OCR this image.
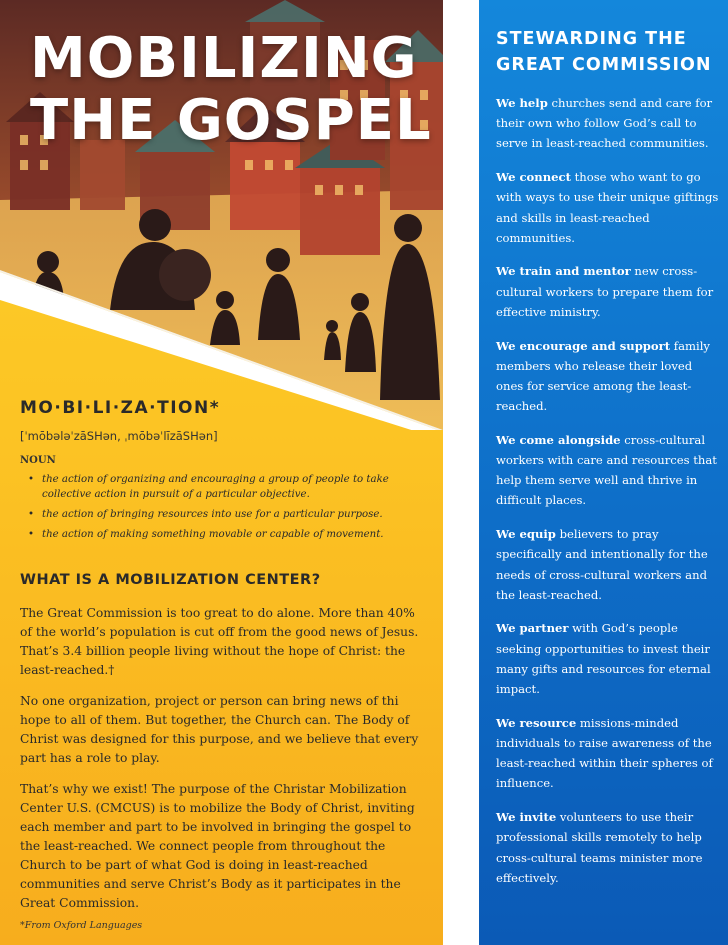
MOBILIZING
THE GOSPEL
MO·BI·LI·ZA·TION*
[ˈmōbələˈzāSHən, ˌmōbəˈlīzāSHən]
NOUN
• the action of organizing and encouraging a group of people to take collective action in pursuit of a particular objective.
• the action of bringing resources into use for a particular purpose.
• the action of making something movable or capable of movement.
WHAT IS A MOBILIZATION CENTER?

The Great Commission is too great to do alone. More than 40% of the world’s population is cut off from the good news of Jesus. That’s 3.4 billion people living without the hope of Christ: the least-reached.†

No one organization, project or person can bring news of thi hope to all of them. But together, the Church can. The Body of Christ was designed for this purpose, and we believe that every part has a role to play.

That’s why we exist! The purpose of the Christar Mobilization Center U.S. (CMCUS) is to mobilize the Body of Christ, inviting each member and part to be involved in bringing the gospel to the least-reached. We connect people from throughout the Church to be part of what God is doing in least-reached communities and serve Christ’s Body as it participates in the Great Commission.

*From Oxford Languages
STEWARDING THE
GREAT COMMISSION
We help churches send and care for their own who follow God’s call to serve in least-reached communities.
We connect those who want to go with ways to use their unique giftings and skills in least-reached communities.
We train and mentor new cross-cultural workers to prepare them for effective ministry.
We encourage and support family members who release their loved ones for service among the least-reached.
We come alongside cross-cultural workers with care and resources that help them serve well and thrive in difficult places.
We equip believers to pray specifically and intentionally for the needs of cross-cultural workers and the least-reached.
We partner with God’s people seeking opportunities to invest their many gifts and resources for eternal impact.
We resource missions-minded individuals to raise awareness of the least-reached within their spheres of influence.
We invite volunteers to use their professional skills remotely to help cross-cultural teams minister more effectively.
